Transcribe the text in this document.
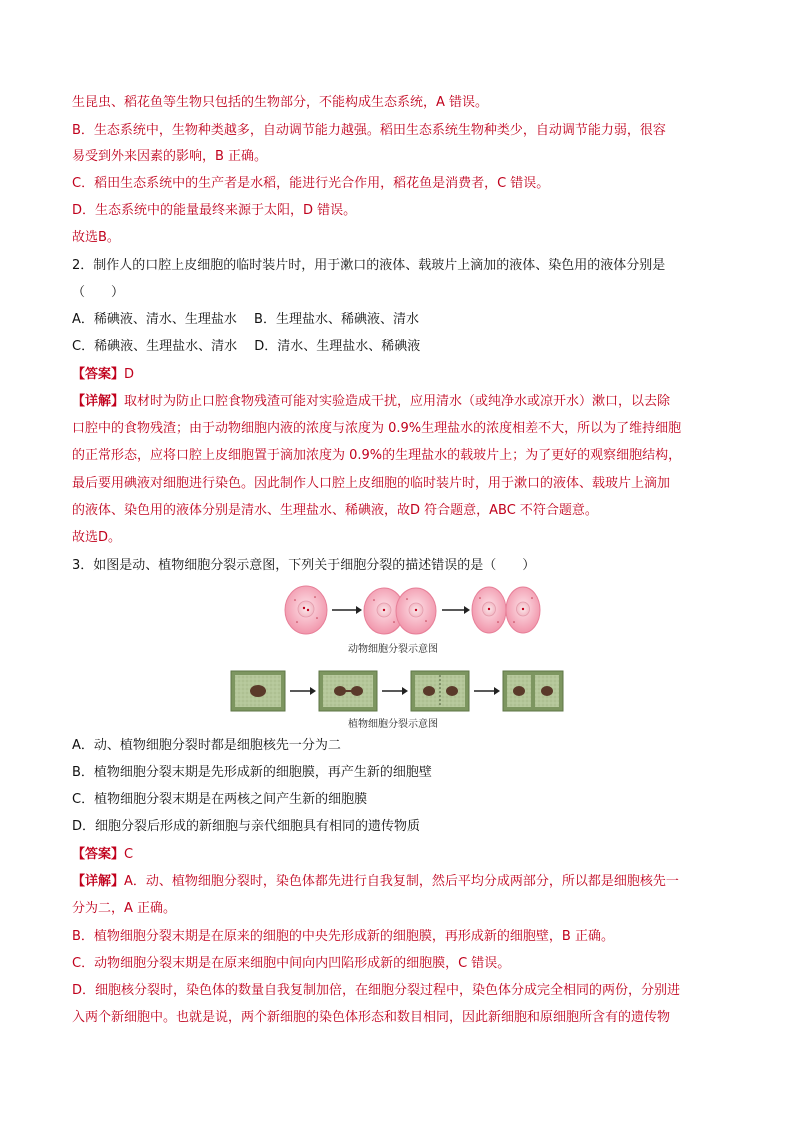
生昆虫、稻花鱼等生物只包括的生物部分，不能构成生态系统，A 错误。
B．生态系统中，生物种类越多，自动调节能力越强。稻田生态系统生物种类少，自动调节能力弱，很容
易受到外来因素的影响，B 正确。
C．稻田生态系统中的生产者是水稻，能进行光合作用，稻花鱼是消费者，C 错误。
D．生态系统中的能量最终来源于太阳，D 错误。
故选B。
2．制作人的口腔上皮细胞的临时装片时，用于漱口的液体、载玻片上滴加的液体、染色用的液体分别是
（　　）
A．稀碘液、清水、生理盐水　 B．生理盐水、稀碘液、清水
C．稀碘液、生理盐水、清水　 D．清水、生理盐水、稀碘液
【答案】D
【详解】取材时为防止口腔食物残渣可能对实验造成干扰，应用清水（或纯净水或凉开水）漱口，以去除
口腔中的食物残渣；由于动物细胞内液的浓度与浓度为 0.9%生理盐水的浓度相差不大，所以为了维持细胞
的正常形态，应将口腔上皮细胞置于滴加浓度为 0.9%的生理盐水的载玻片上；为了更好的观察细胞结构，
最后要用碘液对细胞进行染色。因此制作人口腔上皮细胞的临时装片时，用于漱口的液体、载玻片上滴加
的液体、染色用的液体分别是清水、生理盐水、稀碘液，故D 符合题意，ABC 不符合题意。
故选D。
3．如图是动、植物细胞分裂示意图，下列关于细胞分裂的描述错误的是（　　）
动物细胞分裂示意图
植物细胞分裂示意图
A．动、植物细胞分裂时都是细胞核先一分为二
B．植物细胞分裂末期是先形成新的细胞膜，再产生新的细胞壁
C．植物细胞分裂末期是在两核之间产生新的细胞膜
D．细胞分裂后形成的新细胞与亲代细胞具有相同的遗传物质
【答案】C
【详解】A．动、植物细胞分裂时，染色体都先进行自我复制，然后平均分成两部分，所以都是细胞核先一
分为二，A 正确。
B．植物细胞分裂末期是在原来的细胞的中央先形成新的细胞膜，再形成新的细胞壁，B 正确。
C．动物细胞分裂末期是在原来细胞中间向内凹陷形成新的细胞膜，C 错误。
D．细胞核分裂时，染色体的数量自我复制加倍，在细胞分裂过程中，染色体分成完全相同的两份，分别进
入两个新细胞中。也就是说，两个新细胞的染色体形态和数目相同，因此新细胞和原细胞所含有的遗传物
